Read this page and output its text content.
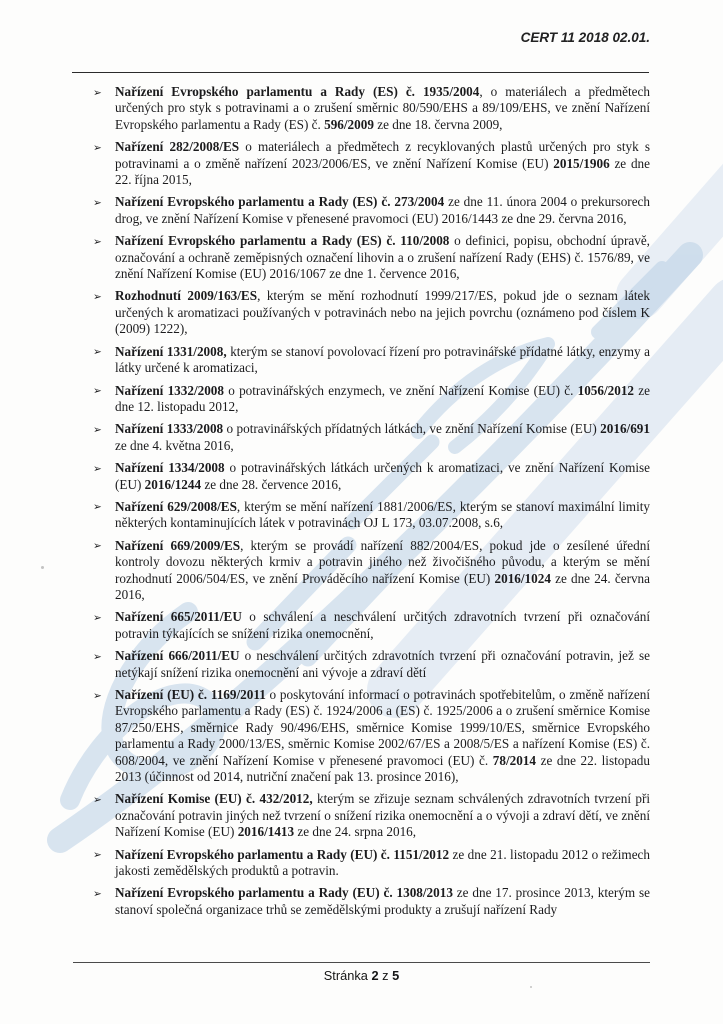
CERT 11 2018 02.01.
➢ Nařízení Evropského parlamentu a Rady (ES) č. 1935/2004, o materiálech a předmětech určených pro styk s potravinami a o zrušení směrnic 80/590/EHS a 89/109/EHS, ve znění Nařízení Evropského parlamentu a Rady (ES) č. 596/2009 ze dne 18. června 2009,
➢ Nařízení 282/2008/ES o materiálech a předmětech z recyklovaných plastů určených pro styk s potravinami a o změně nařízení 2023/2006/ES, ve znění Nařízení Komise (EU) 2015/1906 ze dne 22. října 2015,
➢ Nařízení Evropského parlamentu a Rady (ES) č. 273/2004 ze dne 11. února 2004 o prekursorech drog, ve znění Nařízení Komise v přenesené pravomoci (EU) 2016/1443 ze dne 29. června 2016,
➢ Nařízení Evropského parlamentu a Rady (ES) č. 110/2008 o definici, popisu, obchodní úpravě, označování a ochraně zeměpisných označení lihovin a o zrušení nařízení Rady (EHS) č. 1576/89, ve znění Nařízení Komise (EU) 2016/1067 ze dne 1. července 2016,
➢ Rozhodnutí 2009/163/ES, kterým se mění rozhodnutí 1999/217/ES, pokud jde o seznam látek určených k aromatizaci používaných v potravinách nebo na jejich povrchu (oznámeno pod číslem K (2009) 1222),
➢ Nařízení 1331/2008, kterým se stanoví povolovací řízení pro potravinářské přídatné látky, enzymy a látky určené k aromatizaci,
➢ Nařízení 1332/2008 o potravinářských enzymech, ve znění Nařízení Komise (EU) č. 1056/2012 ze dne 12. listopadu 2012,
➢ Nařízení 1333/2008 o potravinářských přídatných látkách, ve znění Nařízení Komise (EU) 2016/691 ze dne 4. května 2016,
➢ Nařízení 1334/2008 o potravinářských látkách určených k aromatizaci, ve znění Nařízení Komise (EU) 2016/1244 ze dne 28. července 2016,
➢ Nařízení 629/2008/ES, kterým se mění nařízení 1881/2006/ES, kterým se stanoví maximální limity některých kontaminujících látek v potravinách OJ L 173, 03.07.2008, s.6,
➢ Nařízení 669/2009/ES, kterým se provádí nařízení 882/2004/ES, pokud jde o zesílené úřední kontroly dovozu některých krmiv a potravin jiného než živočišného původu, a kterým se mění rozhodnutí 2006/504/ES, ve znění Prováděcího nařízení Komise (EU) 2016/1024 ze dne 24. června 2016,
➢ Nařízení 665/2011/EU o schválení a neschválení určitých zdravotních tvrzení při označování potravin týkajících se snížení rizika onemocnění,
➢ Nařízení 666/2011/EU o neschválení určitých zdravotních tvrzení při označování potravin, jež se netýkají snížení rizika onemocnění ani vývoje a zdraví dětí
➢ Nařízení (EU) č. 1169/2011 o poskytování informací o potravinách spotřebitelům, o změně nařízení Evropského parlamentu a Rady (ES) č. 1924/2006 a (ES) č. 1925/2006 a o zrušení směrnice Komise 87/250/EHS, směrnice Rady 90/496/EHS, směrnice Komise 1999/10/ES, směrnice Evropského parlamentu a Rady 2000/13/ES, směrnic Komise 2002/67/ES a 2008/5/ES a nařízení Komise (ES) č. 608/2004, ve znění Nařízení Komise v přenesené pravomoci (EU) č. 78/2014 ze dne 22. listopadu 2013 (účinnost od 2014, nutriční značení pak 13. prosince 2016),
➢ Nařízení Komise (EU) č. 432/2012, kterým se zřizuje seznam schválených zdravotních tvrzení při označování potravin jiných než tvrzení o snížení rizika onemocnění a o vývoji a zdraví dětí, ve znění Nařízení Komise (EU) 2016/1413 ze dne 24. srpna 2016,
➢ Nařízení Evropského parlamentu a Rady (EU) č. 1151/2012 ze dne 21. listopadu 2012 o režimech jakosti zemědělských produktů a potravin.
➢ Nařízení Evropského parlamentu a Rady (EU) č. 1308/2013 ze dne 17. prosince 2013, kterým se stanoví společná organizace trhů se zemědělskými produkty a zrušují nařízení Rady
Stránka 2 z 5
